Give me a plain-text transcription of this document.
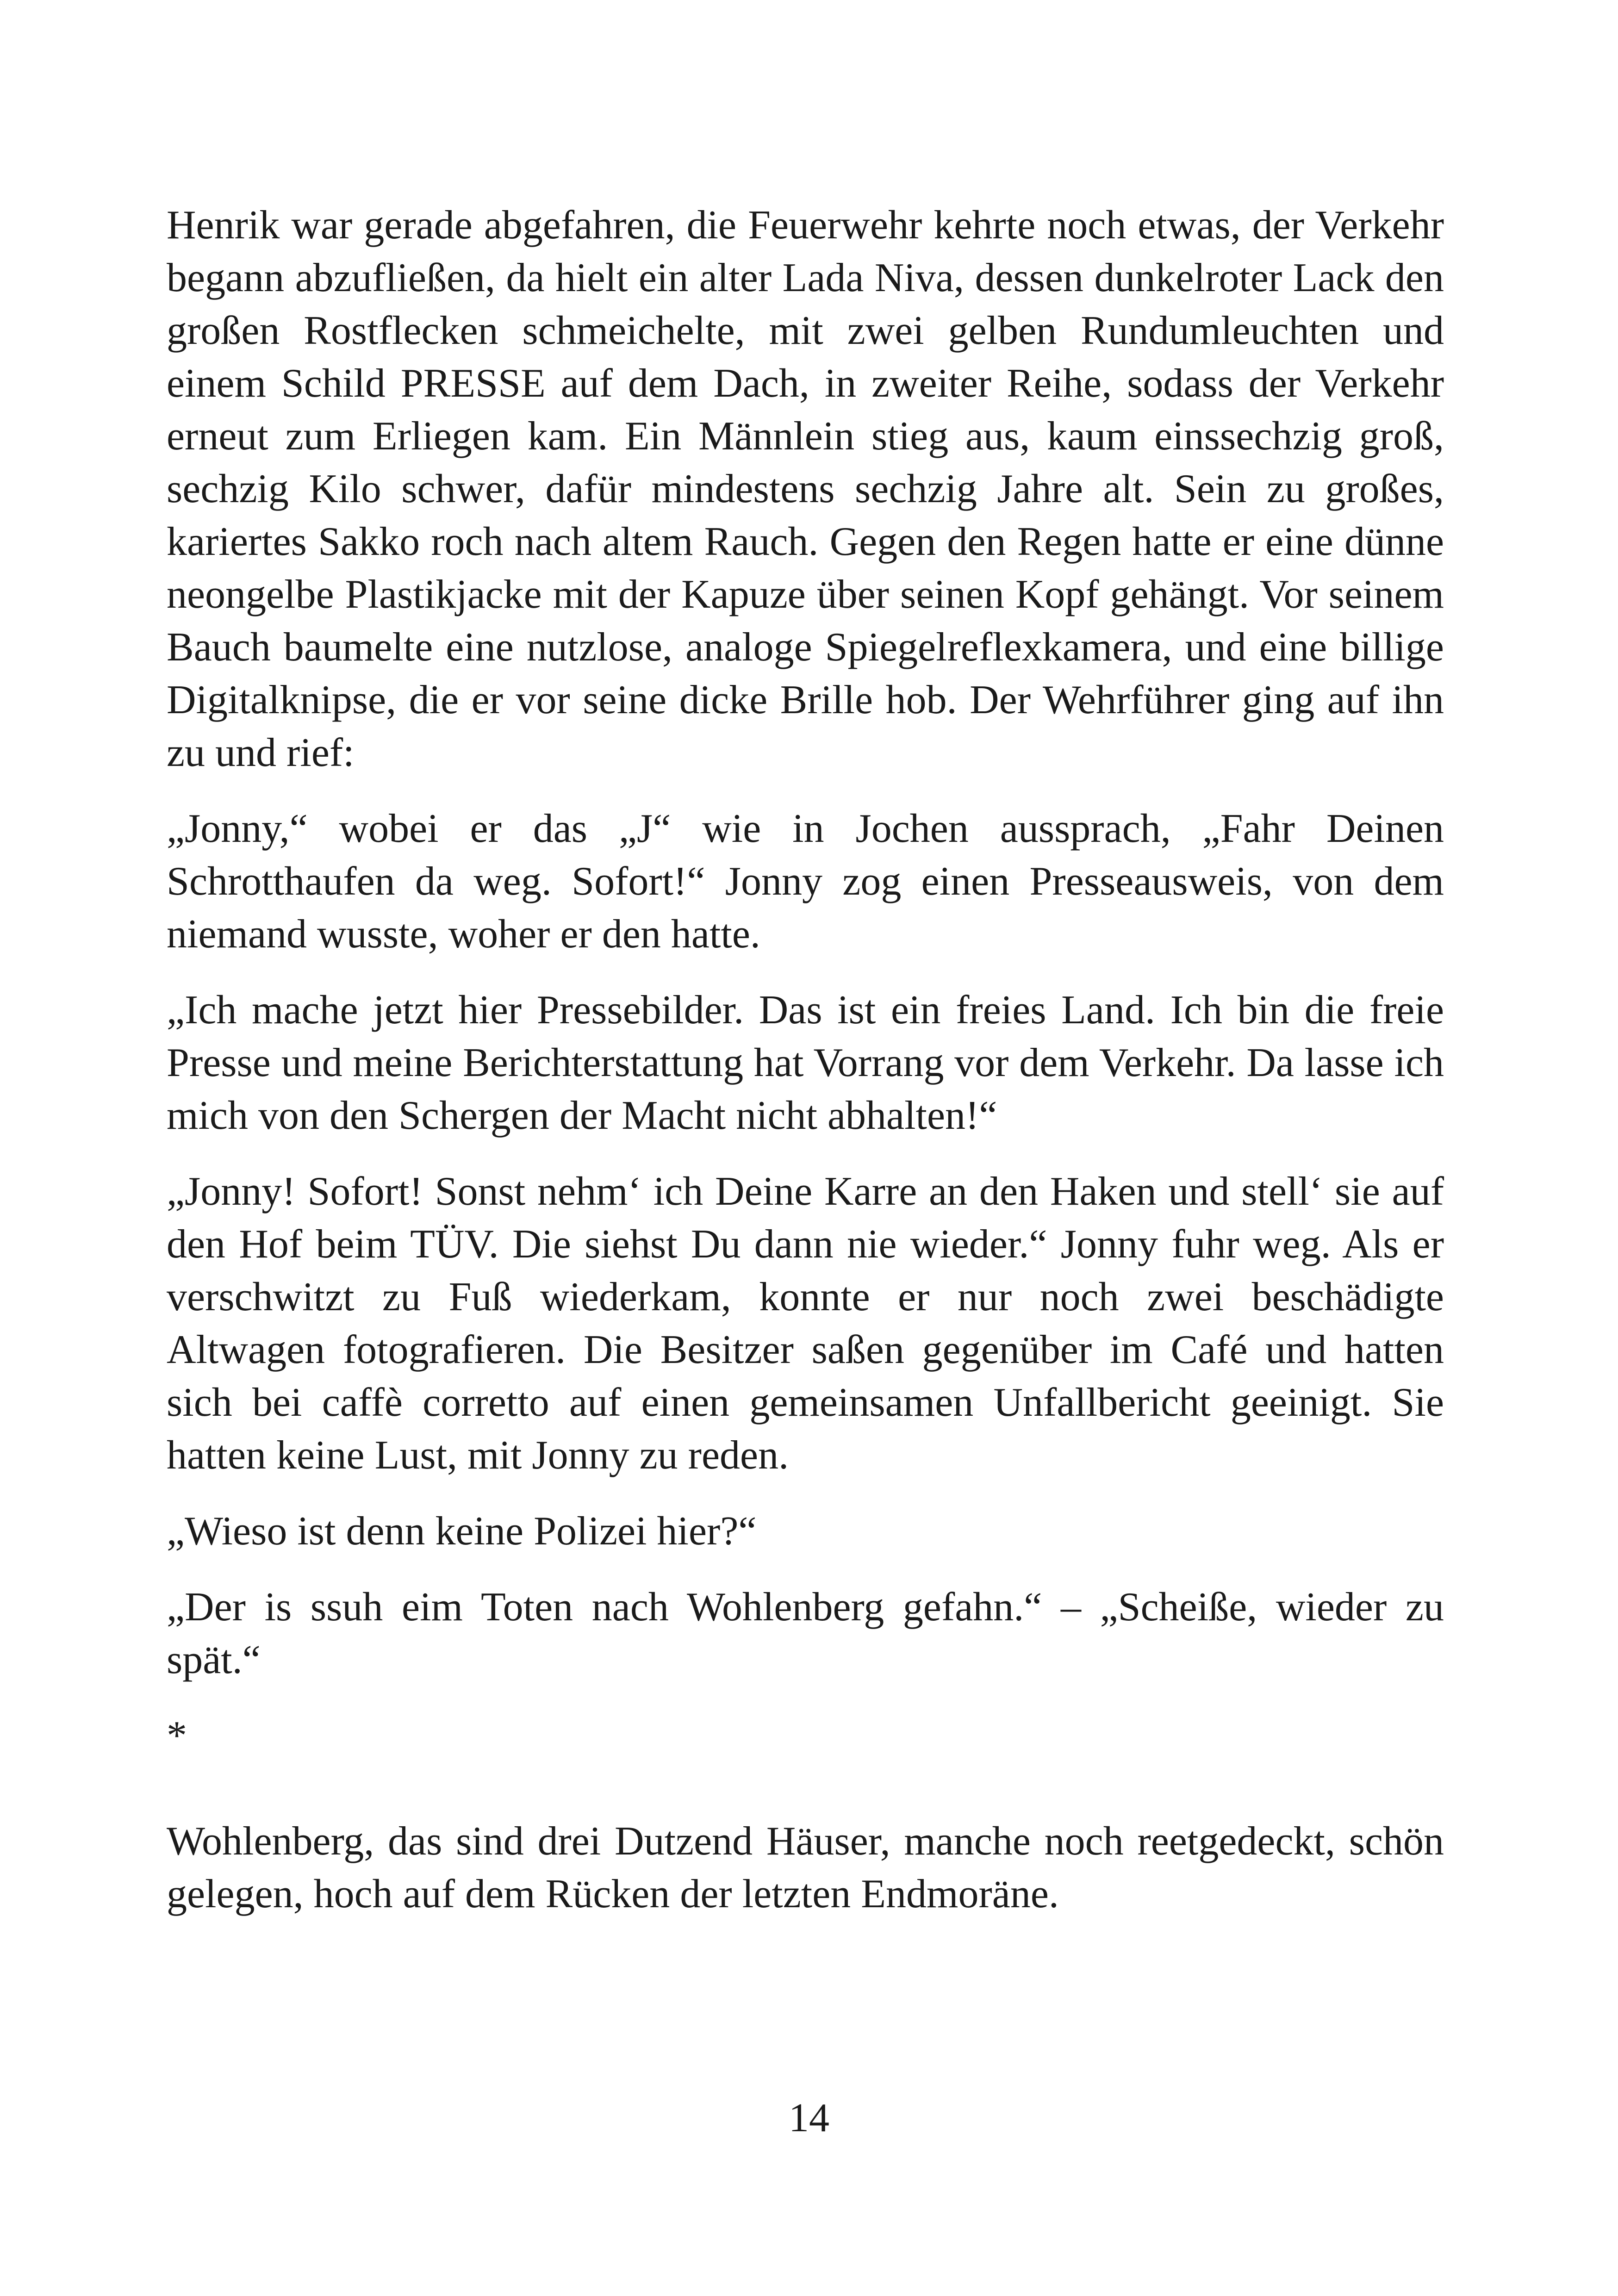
Henrik war gerade abgefahren, die Feuerwehr kehrte noch etwas, der Verkehr begann abzufließen, da hielt ein alter Lada Niva, dessen dunkelroter Lack den großen Rostflecken schmeichelte, mit zwei gelben Rundumleuchten und einem Schild PRESSE auf dem Dach, in zweiter Reihe, sodass der Verkehr erneut zum Erliegen kam. Ein Männlein stieg aus, kaum einssechzig groß, sechzig Kilo schwer, dafür mindestens sechzig Jahre alt. Sein zu großes, kariertes Sakko roch nach altem Rauch. Gegen den Regen hatte er eine dünne neongelbe Plastikjacke mit der Kapuze über seinen Kopf gehängt. Vor seinem Bauch baumelte eine nutzlose, analoge Spiegelreflexkamera, und eine billige Digitalknipse, die er vor seine dicke Brille hob. Der Wehrführer ging auf ihn zu und rief:

„Jonny,“ wobei er das „J“ wie in Jochen aussprach, „Fahr Deinen Schrotthaufen da weg. Sofort!“ Jonny zog einen Presseausweis, von dem niemand wusste, woher er den hatte.

„Ich mache jetzt hier Pressebilder. Das ist ein freies Land. Ich bin die freie Presse und meine Berichterstattung hat Vorrang vor dem Verkehr. Da lasse ich mich von den Schergen der Macht nicht abhalten!“

„Jonny! Sofort! Sonst nehm‘ ich Deine Karre an den Haken und stell‘ sie auf den Hof beim TÜV. Die siehst Du dann nie wieder.“ Jonny fuhr weg. Als er verschwitzt zu Fuß wiederkam, konnte er nur noch zwei beschädigte Altwagen fotografieren. Die Besitzer saßen gegenüber im Café und hatten sich bei caffè corretto auf einen gemeinsamen Unfallbericht geeinigt. Sie hatten keine Lust, mit Jonny zu reden.

„Wieso ist denn keine Polizei hier?“

„Der is ssuh eim Toten nach Wohlenberg gefahn.“ – „Scheiße, wieder zu spät.“

*

Wohlenberg, das sind drei Dutzend Häuser, manche noch reetgedeckt, schön gelegen, hoch auf dem Rücken der letzten Endmoräne.

14
